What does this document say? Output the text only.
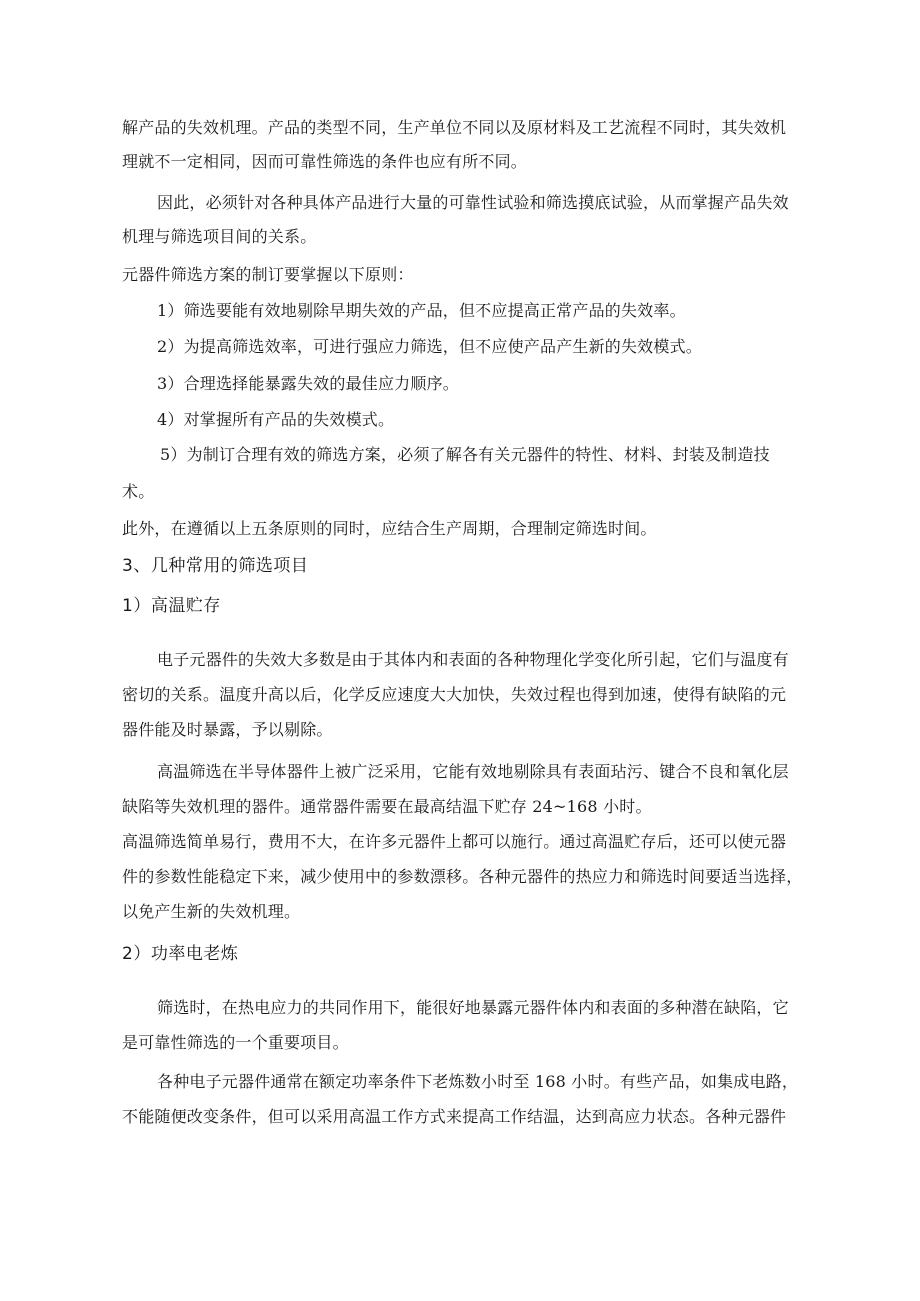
解产品的失效机理。产品的类型不同，生产单位不同以及原材料及工艺流程不同时，其失效机
理就不一定相同，因而可靠性筛选的条件也应有所不同。
因此，必须针对各种具体产品进行大量的可靠性试验和筛选摸底试验，从而掌握产品失效
机理与筛选项目间的关系。
元器件筛选方案的制订要掌握以下原则：
1）筛选要能有效地剔除早期失效的产品，但不应提高正常产品的失效率。
2）为提高筛选效率，可进行强应力筛选，但不应使产品产生新的失效模式。
3）合理选择能暴露失效的最佳应力顺序。
4）对掌握所有产品的失效模式。
5）为制订合理有效的筛选方案，必须了解各有关元器件的特性、材料、封装及制造技
术。
此外，在遵循以上五条原则的同时，应结合生产周期，合理制定筛选时间。
3、几种常用的筛选项目
1）高温贮存
电子元器件的失效大多数是由于其体内和表面的各种物理化学变化所引起，它们与温度有
密切的关系。温度升高以后，化学反应速度大大加快，失效过程也得到加速，使得有缺陷的元
器件能及时暴露，予以剔除。
高温筛选在半导体器件上被广泛采用，它能有效地剔除具有表面玷污、键合不良和氧化层
缺陷等失效机理的器件。通常器件需要在最高结温下贮存 24~168 小时。
高温筛选简单易行，费用不大，在许多元器件上都可以施行。通过高温贮存后，还可以使元器
件的参数性能稳定下来，减少使用中的参数漂移。各种元器件的热应力和筛选时间要适当选择，
以免产生新的失效机理。
2）功率电老炼
筛选时，在热电应力的共同作用下，能很好地暴露元器件体内和表面的多种潜在缺陷，它
是可靠性筛选的一个重要项目。
各种电子元器件通常在额定功率条件下老炼数小时至 168 小时。有些产品，如集成电路，
不能随便改变条件，但可以采用高温工作方式来提高工作结温，达到高应力状态。各种元器件
